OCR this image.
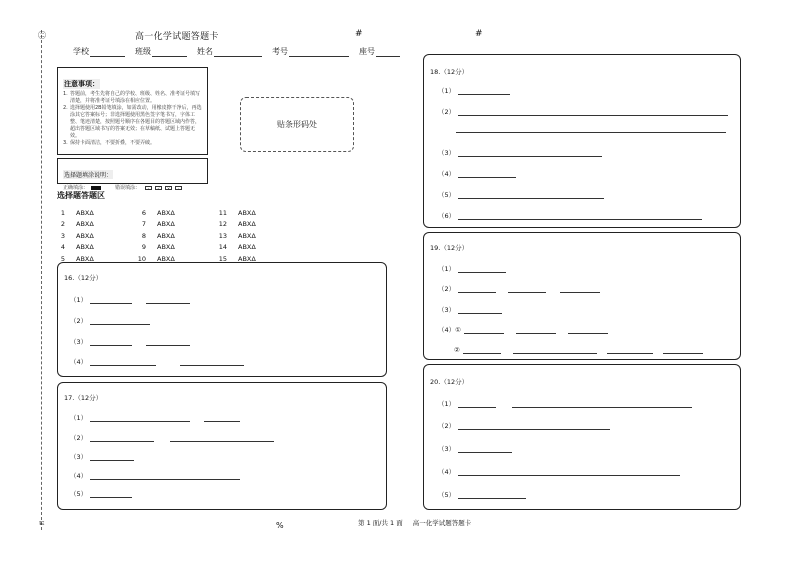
㊁
ㅌ
高一化学试题答题卡	#	#
学校	班级	姓名	考号	座号
注意事项：
1. 答题前，考生先将自己的学校、班级、姓名、准考证号填写清楚，并将准考证号填涂在相应位置。
2. 选择题使用2B铅笔填涂，如需改动，用橡皮擦干净后，再选涂其它答案标号；非选择题使用黑色签字笔书写，字体工整、笔迹清楚，按照题号顺序在各题目的答题区域内作答，超出答题区域书写的答案无效；在草稿纸、试题上答题无效。
3. 保持卡面清洁，不要折叠，不要弄破。
选择题填涂说明：
正确填涂：	错误填涂：	-	✓	×	·
贴条形码处
选择题答题区
1 ABXΔ
2 ABXΔ
3 ABXΔ
4 ABXΔ
5 ABXΔ
6 ABXΔ
7 ABXΔ
8 ABXΔ
9 ABXΔ
10 ABXΔ
11 ABXΔ
12 ABXΔ
13 ABXΔ
14 ABXΔ
15 ABXΔ
16.（12分）
（1）
（2）
（3）
（4）
17.（12分）
（1）
（2）
（3）
（4）
（5）
18.（12分）
（1）
（2）
（3）
（4）
（5）
（6）
19.（12分）
（1）
（2）
（3）
（4）①
②
20.（12分）
（1）
（2）
（3）
（4）
（5）
%	第 1 面/共 1 面 高一化学试题答题卡
